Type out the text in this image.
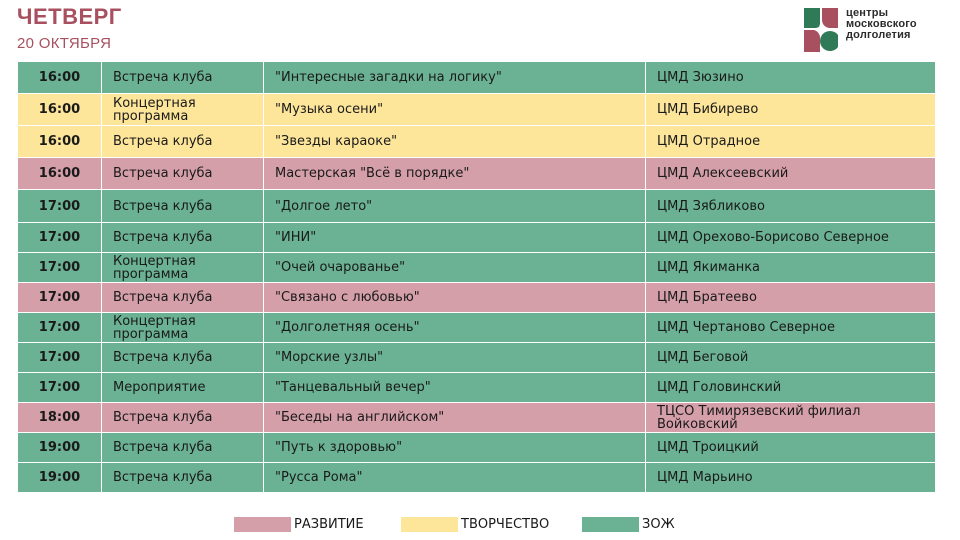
ЧЕТВЕРГ
20 ОКТЯБРЯ
центры
московского
долголетия
16:00	Встреча клуба	"Интересные загадки на логику"	ЦМД Зюзино
16:00	Концертная программа	"Музыка осени"	ЦМД Бибирево
16:00	Встреча клуба	"Звезды караоке"	ЦМД Отрадное
16:00	Встреча клуба	Мастерская "Всё в порядке"	ЦМД Алексеевский
17:00	Встреча клуба	"Долгое лето"	ЦМД Зябликово
17:00	Встреча клуба	"ИНИ"	ЦМД Орехово-Борисово Северное
17:00	Концертная программа	"Очей очарованье"	ЦМД Якиманка
17:00	Встреча клуба	"Связано с любовью"	ЦМД Братеево
17:00	Концертная программа	"Долголетняя осень"	ЦМД Чертаново Северное
17:00	Встреча клуба	"Морские узлы"	ЦМД Беговой
17:00	Мероприятие	"Танцевальный вечер"	ЦМД Головинский
18:00	Встреча клуба	"Беседы на английском"	ТЦСО Тимирязевский филиал Войковский
19:00	Встреча клуба	"Путь к здоровью"	ЦМД Троицкий
19:00	Встреча клуба	"Русса Рома"	ЦМД Марьино
РАЗВИТИЕ	ТВОРЧЕСТВО	ЗОЖ
